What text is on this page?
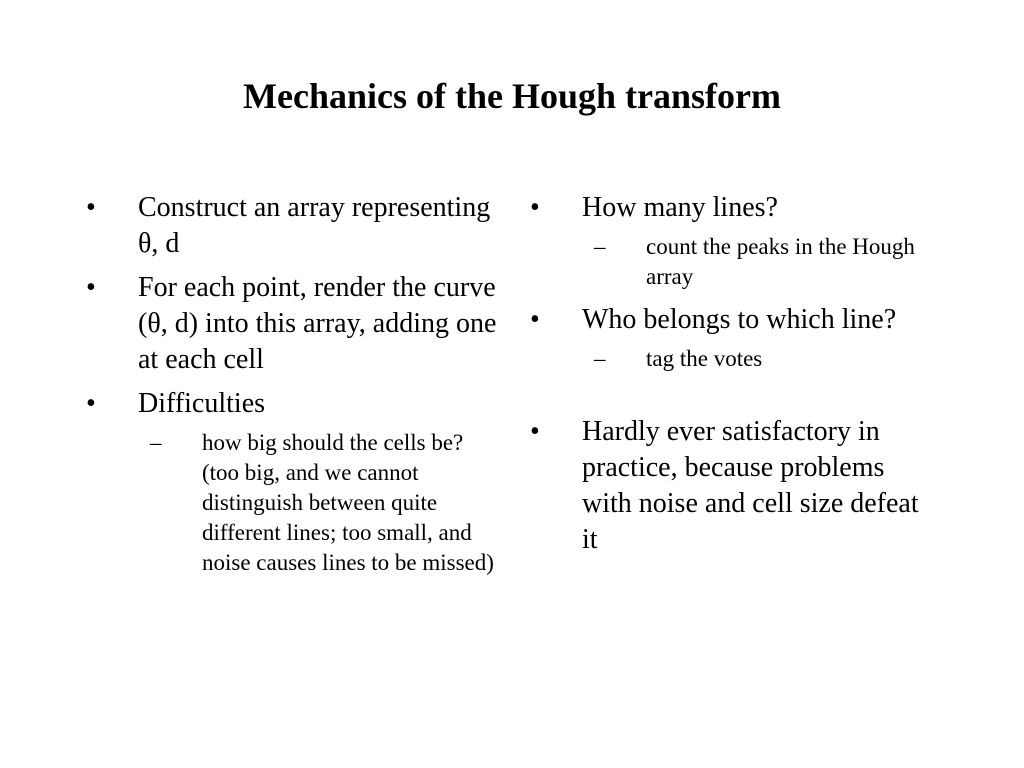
Mechanics of the Hough transform
•	Construct an array representing θ, d
•	For each point, render the curve (θ, d) into this array, adding one at each cell
•	Difficulties
– how big should the cells be? (too big, and we cannot distinguish between quite different lines; too small, and noise causes lines to be missed)
•	How many lines?
– count the peaks in the Hough array
•	Who belongs to which line?
– tag the votes
•	Hardly ever satisfactory in practice, because problems with noise and cell size defeat it
